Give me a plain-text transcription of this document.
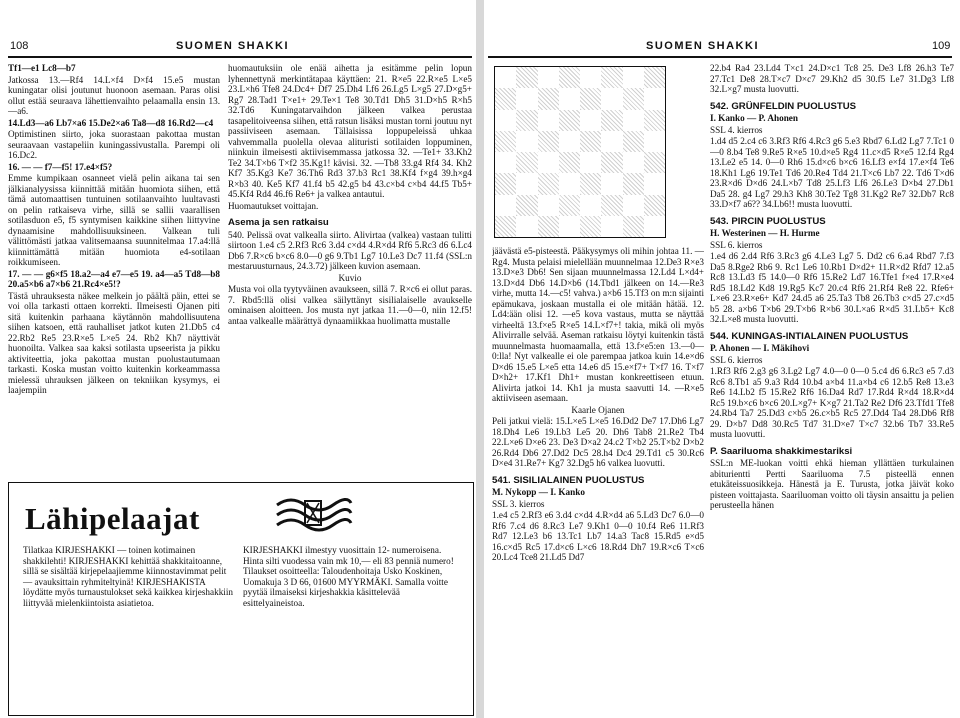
108	SUOMEN SHAKKI
Tf1—e1 Lc8—b7
Jatkossa 13.—Rf4 14.L×f4 D×f4 15.e5 mustan kuningatar olisi joutunut huonoon asemaan. Paras olisi ollut estää seuraava lähettienvaihto pelaamalla ensin 13.—a6.
14.Ld3—a6 Lb7×a6 15.De2×a6 Ta8—d8 16.Rd2—c4
Optimistinen siirto, joka suorastaan pakottaa mustan seuraavaan vastapeliin kuningassivustalla. Parempi oli 16.Dc2.
16. — — f7—f5! 17.e4×f5?
Emme kumpikaan osanneet vielä pelin aikana tai sen jälkianalyysissa kiinnittää mitään huomiota siihen, että tämä automaattisen tuntuinen sotilaanvaihto luultavasti on pelin ratkaiseva virhe, sillä se sallii vaarallisen sotilasduon e5, f5 syntymisen kaikkine siihen liittyvine dynaamisine mahdollisuuksineen. Valkean tuli välittömästi jatkaa valitsemaansa suunnitelmaa 17.a4:llä kiinnittämättä mitään huomiota e4-sotilaan roikkumiseen.
17. — — g6×f5 18.a2—a4 e7—e5 19. a4—a5 Td8—b8 20.a5×b6 a7×b6 21.Rc4×e5!?
Tästä uhrauksesta näkee melkein jo päältä päin, ettei se voi olla tarkasti ottaen korrekti. Ilmeisesti Ojanen piti sitä kuitenkin parhaana käytännön mahdollisuutena siihen katsoen, että rauhalliset jatkot kuten 21.Db5 c4 22.Rb2 Re5 23.R×e5 L×e5 24. Rb2 Kh7 näyttivät huonoilta. Valkea saa kaksi sotilasta upseerista ja pikku aktiviteettia, joka pakottaa mustan puolustautumaan tarkasti. Koska mustan voitto kuitenkin korkeammassa mielessä uhrauksen jälkeen on tekniikan kysymys, ei laajempiin
huomautuksiin ole enää aihetta ja esitämme pelin lopun lyhennettynä merkintätapaa käyttäen: 21. R×e5 22.R×e5 L×e5 23.L×h6 Tfe8 24.Dc4+ Df7 25.Dh4 Lf6 26.Lg5 L×g5 27.D×g5+ Rg7 28.Tad1 T×e1+ 29.Te×1 Te8 30.Td1 Dh5 31.D×h5 R×h5 32.Td6 Kuningatarvaihdon jälkeen valkea perustaa tasapelitoiveensa siihen, että ratsun lisäksi mustan torni joutuu nyt passiiviseen asemaan. Tällaisissa loppupeleissä uhkaa vahvemmalla puolella olevaa alituristi sotilaiden loppuminen, niinkuin ilmeisesti aktiivisemmassa jatkossa 32. —Te1+ 33.Kh2 Te2 34.T×b6 T×f2 35.Kg1! kävisi. 32. —Tb8 33.g4 Rf4 34. Kh2 Kf7 35.Kg3 Ke7 36.Th6 Rd3 37.b3 Rc1 38.Kf4 f×g4 39.h×g4 R×b3 40. Ke5 Kf7 41.f4 b5 42.g5 b4 43.c×b4 c×b4 44.f5 Tb5+ 45.Kf4 Rd4 46.f6 Re6+ ja valkea antautui.
Huomautukset voittajan.
Asema ja sen ratkaisu
540. Pelissä ovat valkealla siirto. Alivirtaa (valkea) vastaan tulitti siirtoon 1.e4 c5 2.Rf3 Rc6 3.d4 c×d4 4.R×d4 Rf6 5.Rc3 d6 6.Lc4 Db6 7.R×c6 b×c6 8.0—0 g6 9.Tb1 Lg7 10.Le3 Dc7 11.f4 (SSL:n mestaruusturnaus, 24.3.72) jälkeen kuvion asemaan.
Kuvio
Musta voi olla tyytyväinen avaukseen, sillä 7. R×c6 ei ollut paras. 7. Rbd5:llä olisi valkea säilyttänyt sisilialaiselle avaukselle ominaisen aloitteen. Jos musta nyt jatkaa 11.—0—0, niin 12.f5! antaa valkealle määrättyä dynaamiikkaa huolimatta mustalle
Lähipelaajat
Tilatkaa KIRJESHAKKI — toinen kotimainen shakkilehti! KIRJESHAKKI kehittää shakkitaitoanne, sillä se sisältää kirjepelaajiemme kiinnostavimmat pelit — avauksittain ryhmiteltyinä! KIRJESHAKISTA löydätte myös turnaustulokset sekä kaikkea kirjeshakkiin liittyvää mielenkiintoista asiatietoa.
KIRJESHAKKI ilmestyy vuosittain 12- numeroisena. Hinta silti vuodessa vain mk 10,— eli 83 penniä numero! Tilaukset osoitteella: Taloudenhoitaja Usko Koskinen, Uomakuja 3 D 66, 01600 MYYRMÄKI. Samalla voitte pyytää ilmaiseksi kirjeshakkia käsittelevää esittelyaineistoa.
SUOMEN SHAKKI	109
jäävästä e5-pisteestä. Pääkysymys oli mihin johtaa 11. —Rg4. Musta pelaisi mielellään muunnelmaa 12.De3 R×e3 13.D×e3 Db6! Sen sijaan muunnelmassa 12.Ld4 L×d4+ 13.D×d4 Db6 14.D×b6 (14.Tbd1 jälkeen on 14.—Re3 virhe, mutta 14.—c5! vahva.) a×b6 15.Tf3 on m:n sijainti epämukava, joskaan mustalla ei ole mitään hätää. 12. Ld4:ään olisi 12. —e5 kova vastaus, mutta se näyttää virheeltä 13.f×e5 R×e5 14.L×f7+! takia, mikä oli myös Alivirralle selvää. Aseman ratkaisu löytyi kuitenkin tästä muunnelmasta huomaamalla, että 13.f×e5:en 13.—0—0:lla! Nyt valkealle ei ole parempaa jatkoa kuin 14.e×d6 D×d6 15.e5 L×e5 etta 14.e6 d5 15.e×f7+ T×f7 16. T×f7 D×h2+ 17.Kf1 Dh1+ mustan konkreettiseen etuun. Alivirta jatkoi 14. Kh1 ja musta saavutti 14. —R×e5 aktiiviseen asemaan.
Kaarle Ojanen
Peli jatkui vielä: 15.L×e5 L×e5 16.Dd2 De7 17.Dh6 Lg7 18.Dh4 Le6 19.Lb3 Le5 20. Dh6 Tab8 21.Re2 Tb4 22.L×e6 D×e6 23. De3 D×a2 24.c2 T×b2 25.T×b2 D×b2 26.Rd4 Db6 27.Dd2 Dc5 28.h4 Dc4 29.Td1 c5 30.Rc6 D×e4 31.Re7+ Kg7 32.Dg5 h6 valkea luovutti.
541. SISILIALAINEN PUOLUSTUS
M. Nykopp — I. Kanko
SSL 3. kierros
1.e4 c5 2.Rf3 e6 3.d4 c×d4 4.R×d4 a6 5.Ld3 Dc7 6.0—0 Rf6 7.c4 d6 8.Rc3 Le7 9.Kh1 0—0 10.f4 Re6 11.Rf3 Rd7 12.Le3 b6 13.Tc1 Lb7 14.a3 Tac8 15.Rd5 e×d5 16.c×d5 Rc5 17.d×c6 L×c6 18.Rd4 Dh7 19.R×c6 T×c6 20.Lc4 Tce8 21.Ld5 Dd7
22.b4 Ra4 23.Ld4 T×c1 24.D×c1 Tc8 25. De3 Lf8 26.h3 Te7 27.Tc1 De8 28.T×c7 D×c7 29.Kh2 d5 30.f5 Le7 31.Dg3 Lf8 32.L×g7 musta luovutti.
542. GRÜNFELDIN PUOLUSTUS
I. Kanko — P. Ahonen
SSL 4. kierros
1.d4 d5 2.c4 c6 3.Rf3 Rf6 4.Rc3 g6 5.e3 Rbd7 6.Ld2 Lg7 7.Tc1 0—0 8.b4 Te8 9.Re5 R×e5 10.d×e5 Rg4 11.c×d5 R×e5 12.f4 Rg4 13.Le2 e5 14. 0—0 Rh6 15.d×c6 b×c6 16.Lf3 e×f4 17.e×f4 Te6 18.Kh1 Lg6 19.Te1 Td6 20.Re4 Td4 21.T×c6 Lb7 22. Td6 T×d6 23.R×d6 D×d6 24.L×b7 Td8 25.Lf3 Lf6 26.Le3 D×b4 27.Db1 Da5 28. g4 Lg7 29.h3 Kh8 30.Te2 Tg8 31.Kg2 Re7 32.Db7 Rc8 33.D×f7 a6?? 34.Lb6!! musta luovutti.
543. PIRCIN PUOLUSTUS
H. Westerinen — H. Hurme
SSL 6. kierros
1.e4 d6 2.d4 Rf6 3.Rc3 g6 4.Le3 Lg7 5. Dd2 c6 6.a4 Rbd7 7.f3 Da5 8.Rge2 Rb6 9. Rc1 Le6 10.Rb1 D×d2+ 11.R×d2 Rfd7 12.a5 Rc8 13.Ld3 f5 14.0—0 Rf6 15.Re2 Ld7 16.Tfe1 f×e4 17.R×e4 Rd5 18.Ld2 Kd8 19.Rg5 Kc7 20.c4 Rf6 21.Rf4 Re8 22. Rfe6+ L×e6 23.R×e6+ Kd7 24.d5 a6 25.Ta3 Tb8 26.Tb3 c×d5 27.c×d5 b5 28. a×b6 T×b6 29.T×b6 R×b6 30.L×a6 R×d5 31.Lb5+ Kc8 32.L×e8 musta luovutti.
544. KUNINGAS-INTIALAINEN PUOLUSTUS
P. Ahonen — I. Mäkihovi
SSL 6. kierros
1.Rf3 Rf6 2.g3 g6 3.Lg2 Lg7 4.0—0 0—0 5.c4 d6 6.Rc3 e5 7.d3 Rc6 8.Tb1 a5 9.a3 Rd4 10.b4 a×b4 11.a×b4 c6 12.b5 Re8 13.e3 Re6 14.Lb2 f5 15.Re2 Rf6 16.Da4 Rd7 17.Rd4 R×d4 18.R×d4 Rc5 19.b×c6 b×c6 20.L×g7+ K×g7 21.Ta2 Re2 Df6 23.Tfd1 Tfe8 24.Rb4 Ta7 25.Dd3 c×b5 26.c×b5 Rc5 27.Dd4 Ta4 28.Db6 Rf8 29. D×b7 Dd8 30.Rc5 Td7 31.D×e7 T×c7 32.b6 Tb7 33.Re5 musta luovutti.
P. Saariluoma shakkimestariksi
SSL:n ME-luokan voitti ehkä hieman yllättäen turkulainen abiturientti Pertti Saariluoma 7.5 pisteellä ennen etukäteissuosikkeja. Hänestä ja E. Turusta, jotka jäivät koko pisteen voittajasta. Saariluoman voitto oli täysin ansaittu ja pelien perusteella hänen
